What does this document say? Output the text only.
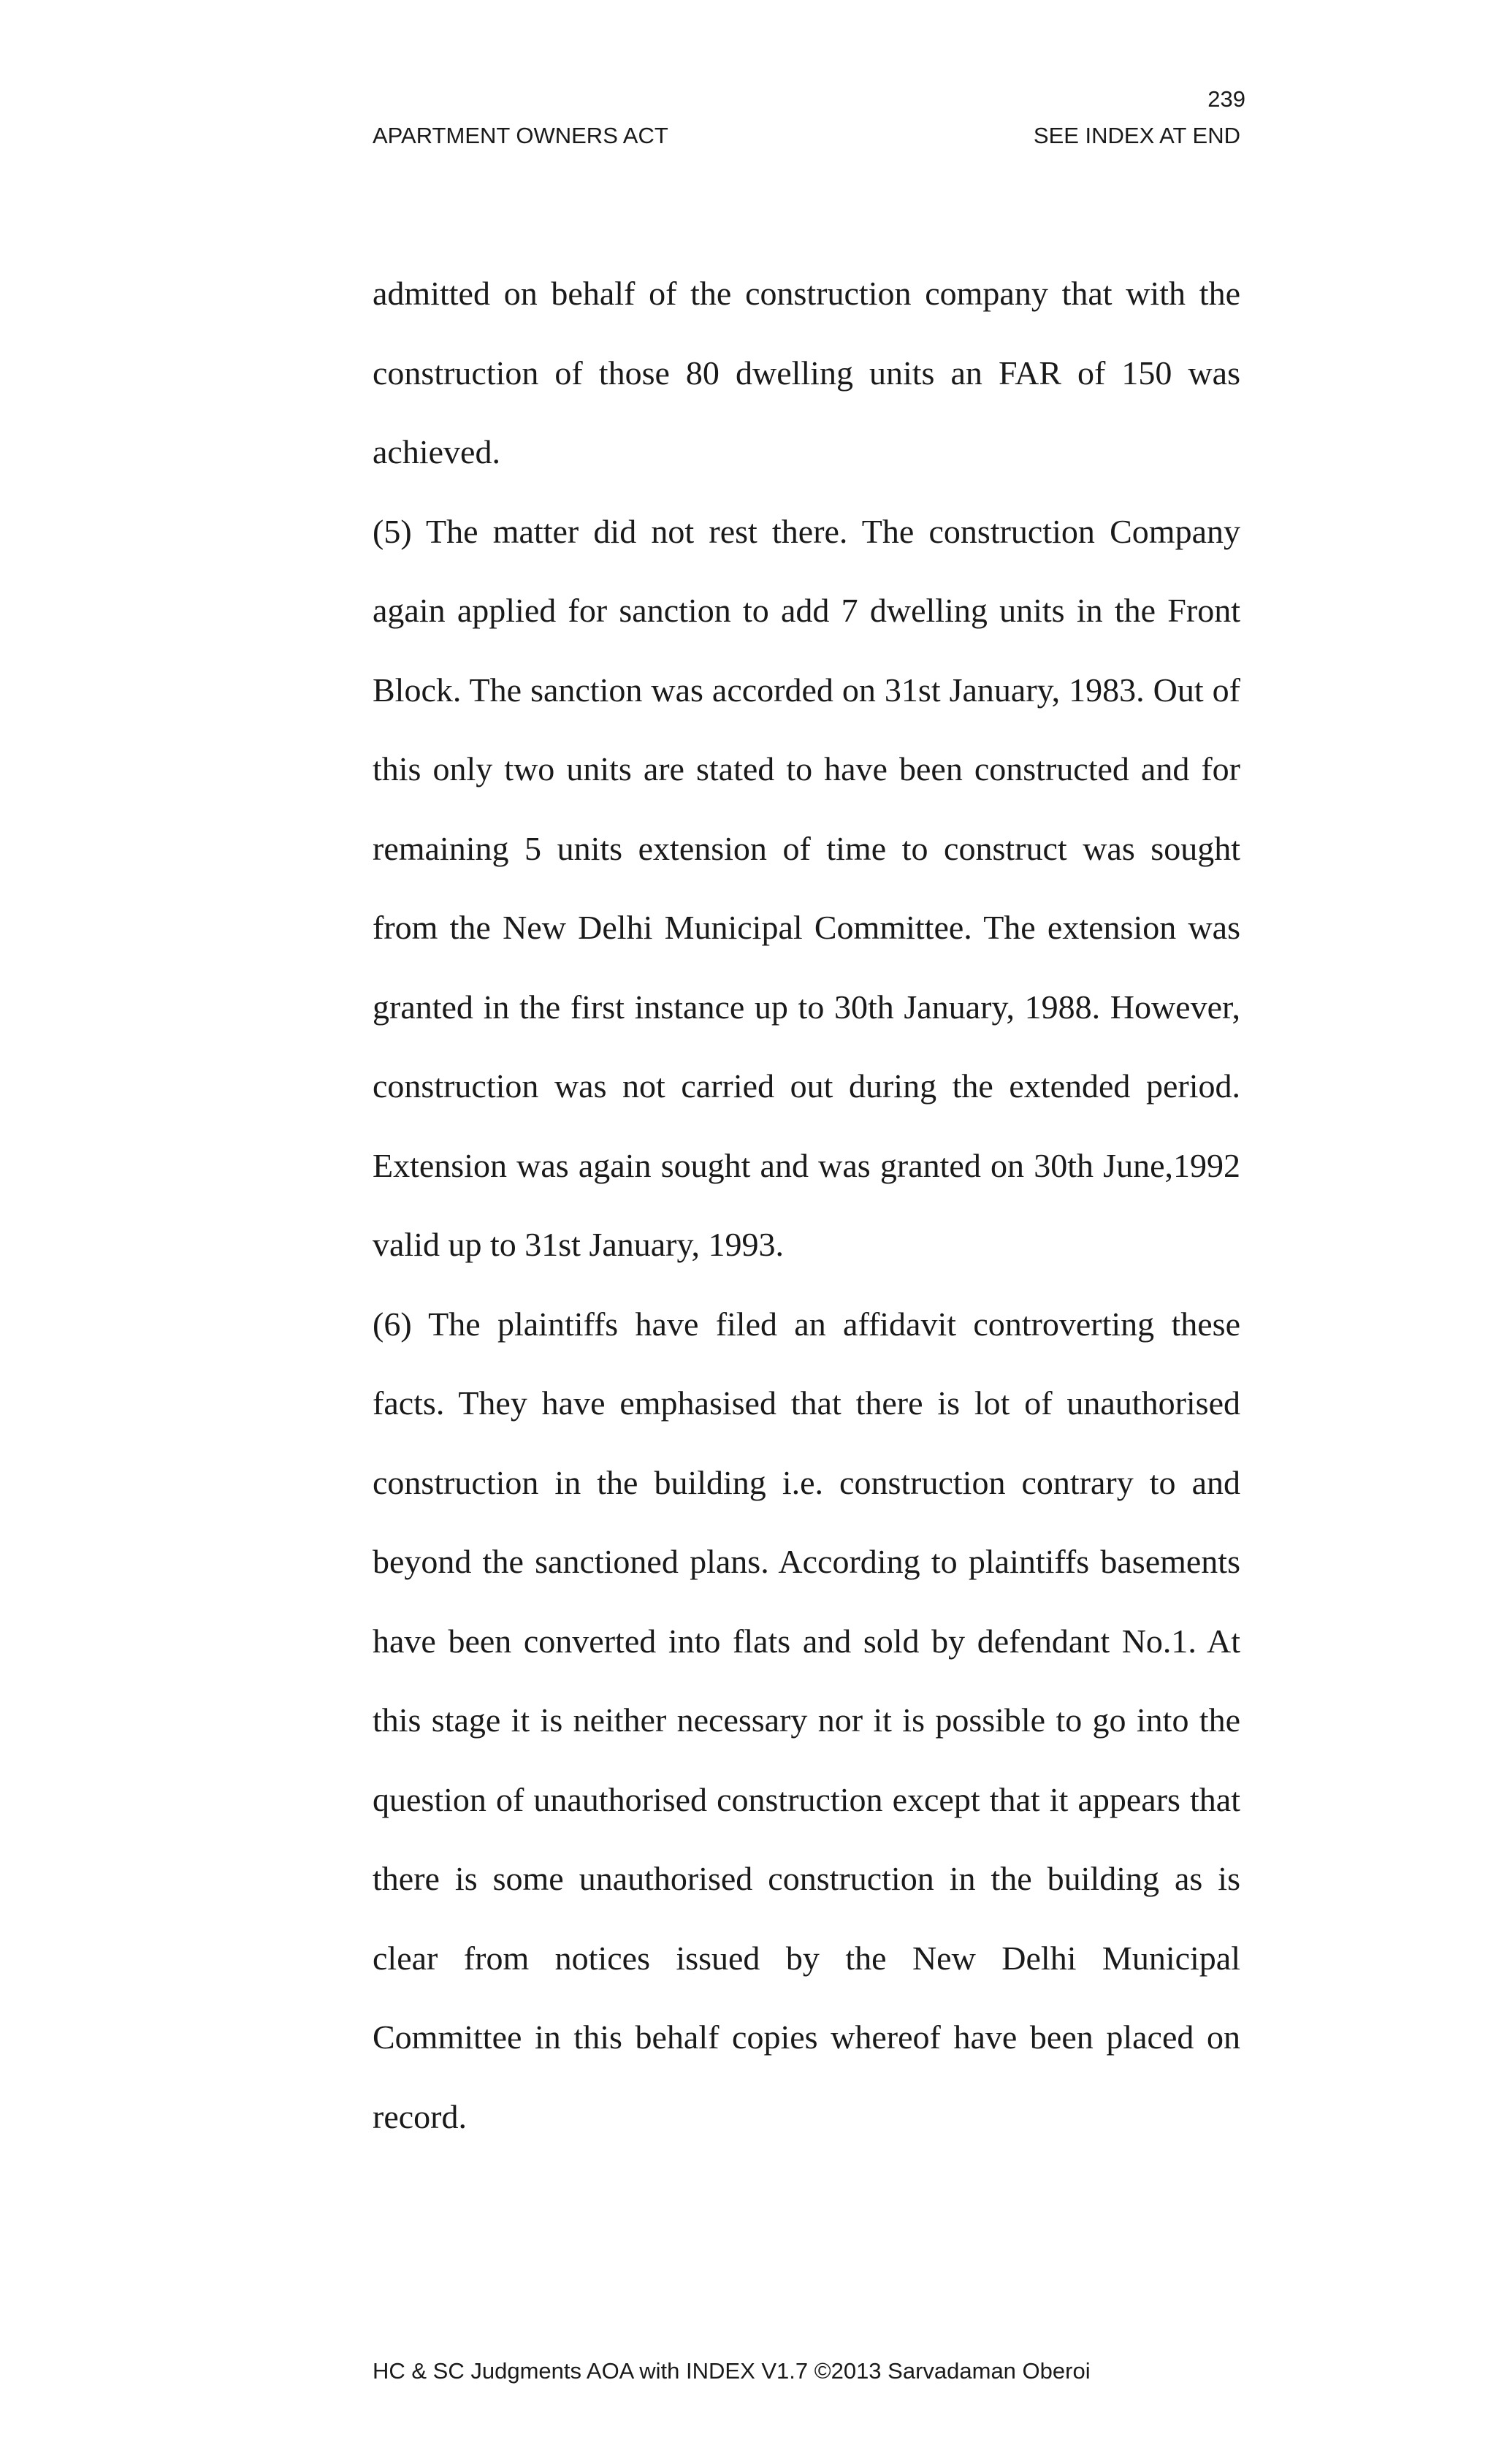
239
APARTMENT OWNERS ACT	SEE INDEX AT END

admitted on behalf of the construction company that with the construction of those 80 dwelling units an FAR of 150 was achieved.

(5) The matter did not rest there. The construction Company again applied for sanction to add 7 dwelling units in the Front Block. The sanction was accorded on 31st January, 1983. Out of this only two units are stated to have been constructed and for remaining 5 units extension of time to construct was sought from the New Delhi Municipal Committee. The extension was granted in the first instance up to 30th January, 1988. However, construction was not carried out during the extended period. Extension was again sought and was granted on 30th June,1992 valid up to 31st January, 1993.

(6) The plaintiffs have filed an affidavit controverting these facts. They have emphasised that there is lot of unauthorised construction in the building i.e. construction contrary to and beyond the sanctioned plans. According to plaintiffs basements have been converted into flats and sold by defendant No.1. At this stage it is neither necessary nor it is possible to go into the question of unauthorised construction except that it appears that there is some unauthorised construction in the building as is clear from notices issued by the New Delhi Municipal Committee in this behalf copies whereof have been placed on record.

HC & SC Judgments AOA with INDEX V1.7 ©2013 Sarvadaman Oberoi
